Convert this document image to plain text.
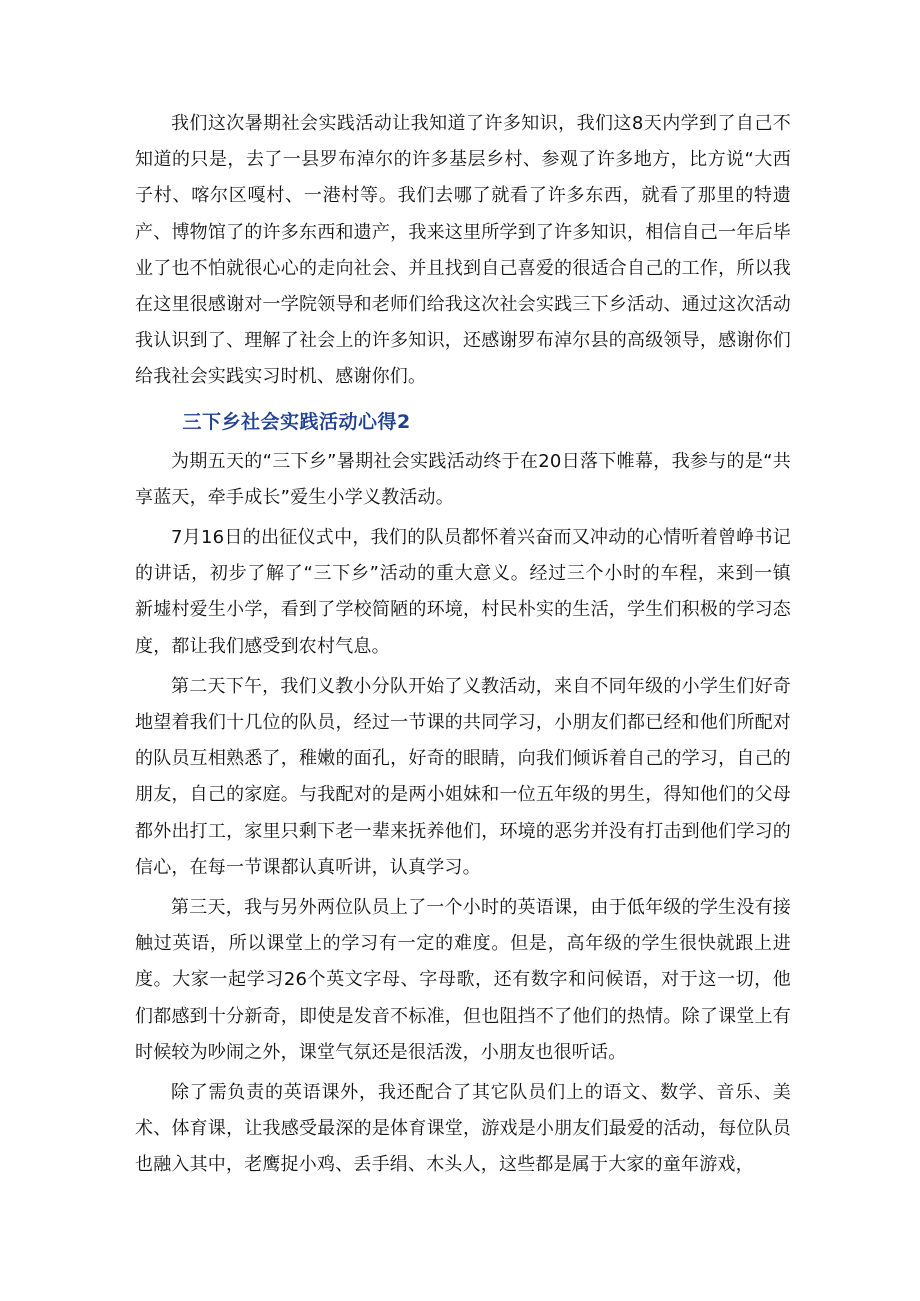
我们这次暑期社会实践活动让我知道了许多知识，我们这8天内学到了自己不知道的只是，去了一县罗布淖尔的许多基层乡村、参观了许多地方，比方说“大西子村、喀尔区嘎村、一港村等。我们去哪了就看了许多东西，就看了那里的特遗产、博物馆了的许多东西和遗产，我来这里所学到了许多知识，相信自己一年后毕业了也不怕就很心心的走向社会、并且找到自己喜爱的很适合自己的工作，所以我在这里很感谢对一学院领导和老师们给我这次社会实践三下乡活动、通过这次活动我认识到了、理解了社会上的许多知识，还感谢罗布淖尔县的高级领导，感谢你们给我社会实践实习时机、感谢你们。

三下乡社会实践活动心得2

为期五天的“三下乡”暑期社会实践活动终于在20日落下帷幕，我参与的是“共享蓝天，牵手成长”爱生小学义教活动。

7月16日的出征仪式中，我们的队员都怀着兴奋而又冲动的心情听着曾峥书记的讲话，初步了解了“三下乡”活动的重大意义。经过三个小时的车程，来到一镇新墟村爱生小学，看到了学校简陋的环境，村民朴实的生活，学生们积极的学习态度，都让我们感受到农村气息。

第二天下午，我们义教小分队开始了义教活动，来自不同年级的小学生们好奇地望着我们十几位的队员，经过一节课的共同学习，小朋友们都已经和他们所配对的队员互相熟悉了，稚嫩的面孔，好奇的眼睛，向我们倾诉着自己的学习，自己的朋友，自己的家庭。与我配对的是两小姐妹和一位五年级的男生，得知他们的父母都外出打工，家里只剩下老一辈来抚养他们，环境的恶劣并没有打击到他们学习的信心，在每一节课都认真听讲，认真学习。

第三天，我与另外两位队员上了一个小时的英语课，由于低年级的学生没有接触过英语，所以课堂上的学习有一定的难度。但是，高年级的学生很快就跟上进度。大家一起学习26个英文字母、字母歌，还有数字和问候语，对于这一切，他们都感到十分新奇，即使是发音不标准，但也阻挡不了他们的热情。除了课堂上有时候较为吵闹之外，课堂气氛还是很活泼，小朋友也很听话。

除了需负责的英语课外，我还配合了其它队员们上的语文、数学、音乐、美术、体育课，让我感受最深的是体育课堂，游戏是小朋友们最爱的活动，每位队员也融入其中，老鹰捉小鸡、丢手绢、木头人，这些都是属于大家的童年游戏，
